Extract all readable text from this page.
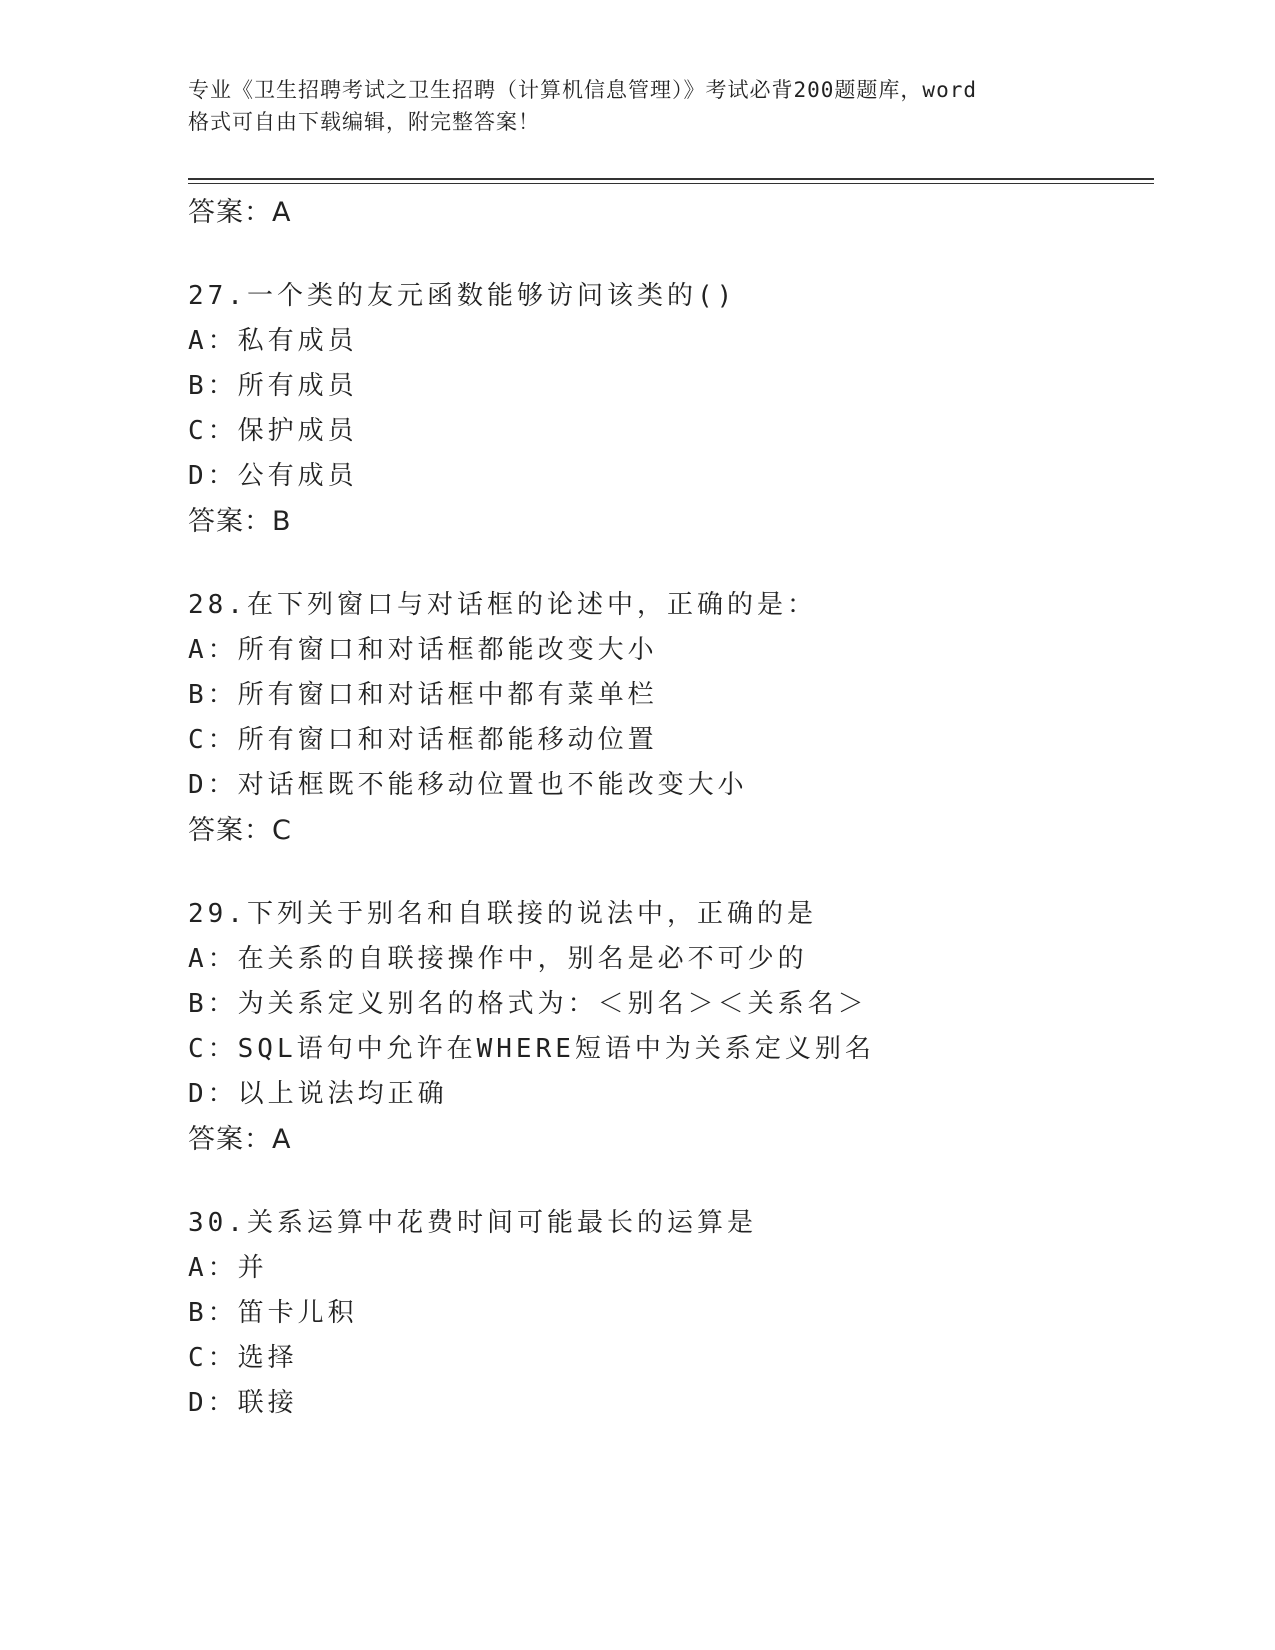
专业《卫生招聘考试之卫生招聘（计算机信息管理）》考试必背200题题库，word
格式可自由下载编辑，附完整答案！
答案：A
27.一个类的友元函数能够访问该类的()
A：私有成员
B：所有成员
C：保护成员
D：公有成员
答案：B
28.在下列窗口与对话框的论述中，正确的是：
A：所有窗口和对话框都能改变大小
B：所有窗口和对话框中都有菜单栏
C：所有窗口和对话框都能移动位置
D：对话框既不能移动位置也不能改变大小
答案：C
29.下列关于别名和自联接的说法中，正确的是
A：在关系的自联接操作中，别名是必不可少的
B：为关系定义别名的格式为：＜别名＞＜关系名＞
C：SQL语句中允许在WHERE短语中为关系定义别名
D：以上说法均正确
答案：A
30.关系运算中花费时间可能最长的运算是
A：并
B：笛卡儿积
C：选择
D：联接
